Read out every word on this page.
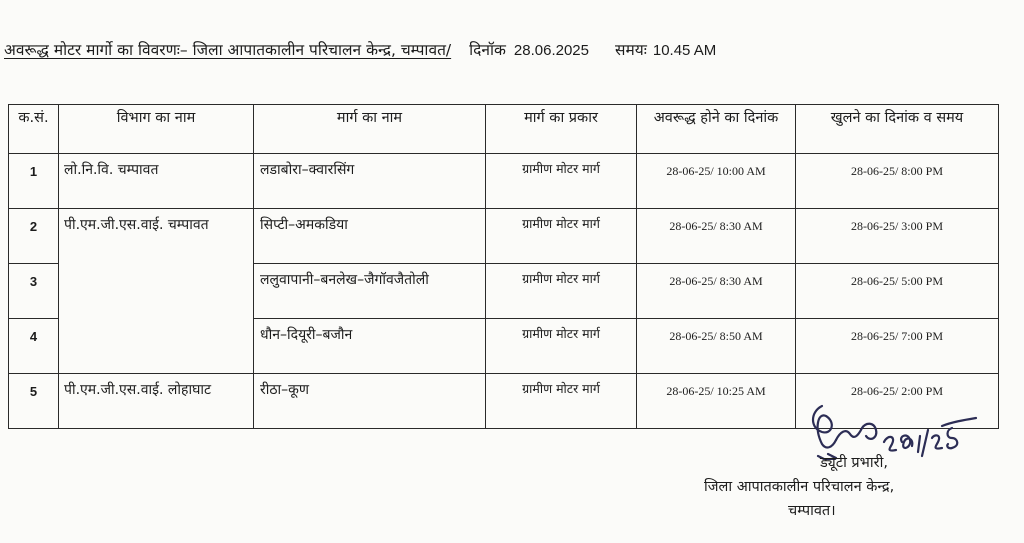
अवरूद्ध मोटर मार्गो का विवरणः– जिला आपातकालीन परिचालन केन्द्र, चम्पावत/ दिनॉक 28.06.2025 समयः 10.45 AM
क.सं.	विभाग का नाम	मार्ग का नाम	मार्ग का प्रकार	अवरूद्ध होने का दिनांक	खुलने का दिनांक व समय
1	लो.नि.वि. चम्पावत	लडाबोरा–क्वारसिंग	ग्रामीण मोटर मार्ग	28-06-25/ 10:00 AM	28-06-25/ 8:00 PM
2	पी.एम.जी.एस.वाई. चम्पावत	सिप्टी–अमकडिया	ग्रामीण मोटर मार्ग	28-06-25/ 8:30 AM	28-06-25/ 3:00 PM
3		ललुवापानी–बनलेख–जैगॉवजैतोली	ग्रामीण मोटर मार्ग	28-06-25/ 8:30 AM	28-06-25/ 5:00 PM
4		धौन–दियूरी–बजौन	ग्रामीण मोटर मार्ग	28-06-25/ 8:50 AM	28-06-25/ 7:00 PM
5	पी.एम.जी.एस.वाई. लोहाघाट	रीठा–कूण	ग्रामीण मोटर मार्ग	28-06-25/ 10:25 AM	28-06-25/ 2:00 PM
ड्यूटी प्रभारी,
जिला आपातकालीन परिचालन केन्द्र,
चम्पावत।
